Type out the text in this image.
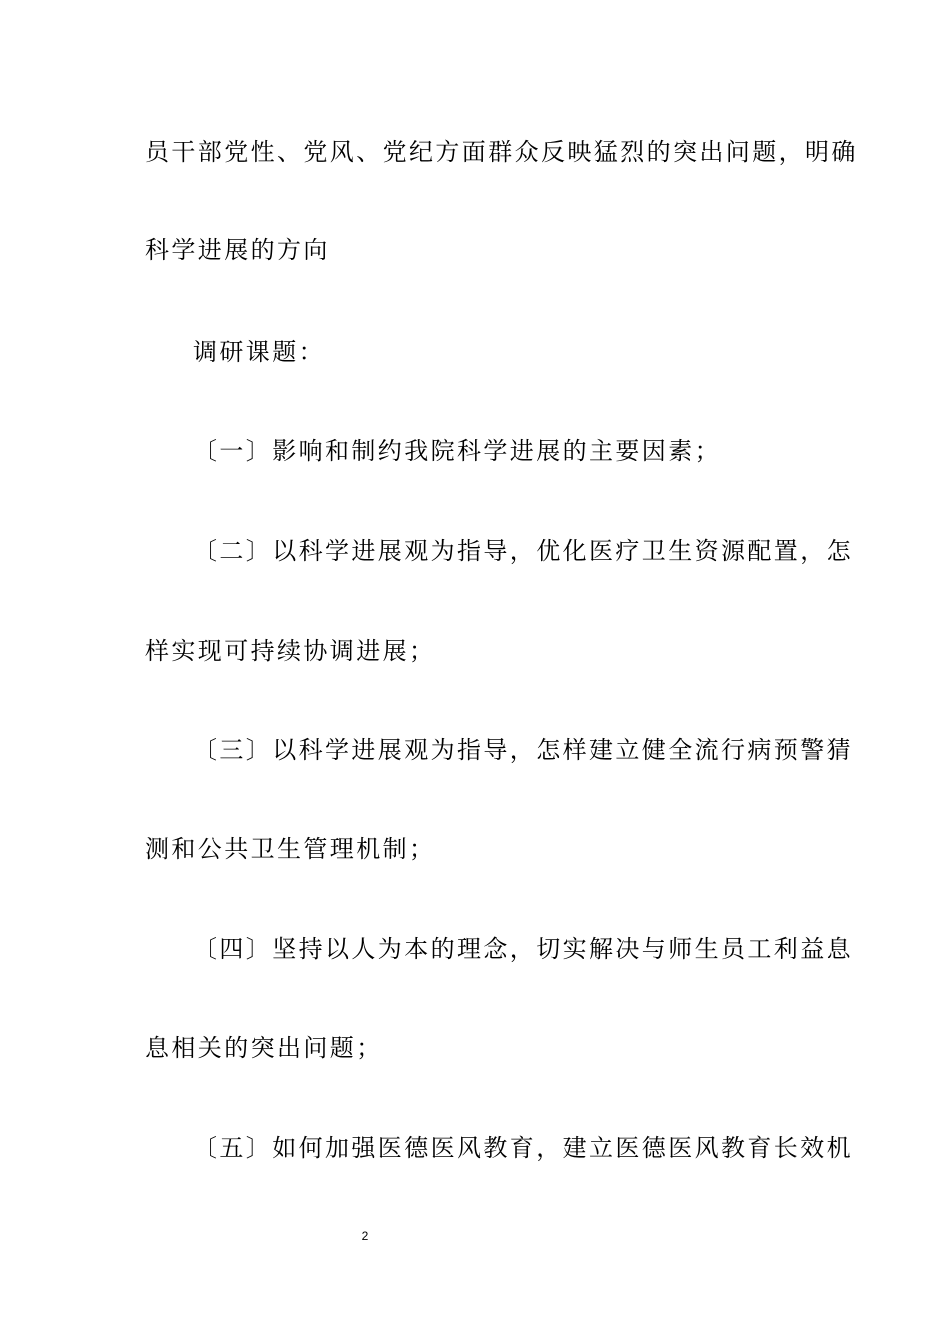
员干部党性、党风、党纪方面群众反映猛烈的突出问题，明确

科学进展的方向

调研课题：

〔一〕影响和制约我院科学进展的主要因素；

〔二〕以科学进展观为指导，优化医疗卫生资源配置，怎

样实现可持续协调进展；

〔三〕以科学进展观为指导，怎样建立健全流行病预警猜

测和公共卫生管理机制；

〔四〕坚持以人为本的理念，切实解决与师生员工利益息

息相关的突出问题；

〔五〕如何加强医德医风教育，建立医德医风教育长效机

2
